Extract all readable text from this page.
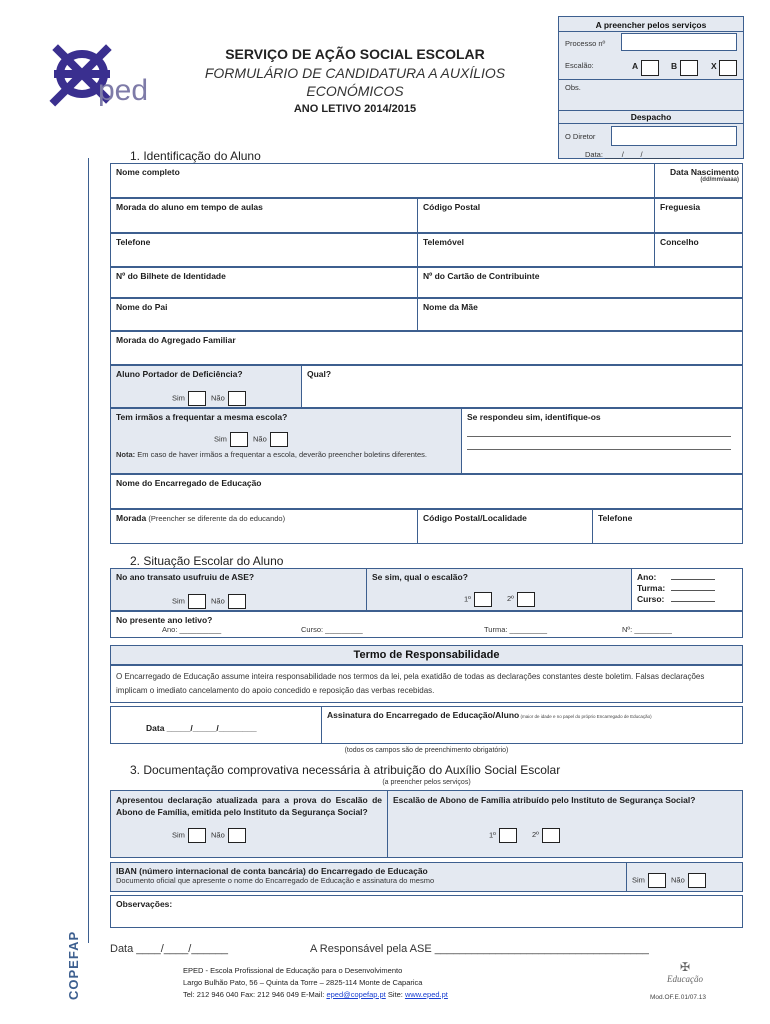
ped
SERVIÇO DE AÇÃO SOCIAL ESCOLAR
FORMULÁRIO DE CANDIDATURA A AUXÍLIOS
ECONÓMICOS
ANO LETIVO 2014/2015
A preencher pelos serviços
Processo nº
Escalão:	A	B	X
Obs.
Despacho
O Diretor
Data: ____/____/_________
1. Identificação do Aluno
Nome completo	Data Nascimento
(dd/mm/aaaa)
Morada do aluno em tempo de aulas	Código Postal	Freguesia
Telefone	Telemóvel	Concelho
Nº do Bilhete de Identidade	Nº do Cartão de Contribuinte
Nome do Pai	Nome da Mãe
Morada do Agregado Familiar
Aluno Portador de Deficiência?
Sim	Não
Qual?
Tem irmãos a frequentar a mesma escola?
Sim	Não
Nota: Em caso de haver irmãos a frequentar a escola, deverão preencher boletins diferentes.
Se respondeu sim, identifique-os
Nome do Encarregado de Educação
Morada (Preencher se diferente da do educando)	Código Postal/Localidade	Telefone
2. Situação Escolar do Aluno
No ano transato usufruiu de ASE?
Sim	Não
Se sim, qual o escalão?
1º	2º
Ano:
Turma:
Curso:
No presente ano letivo?
Ano: __________	Curso: _________	Turma: _________	Nº: _________
Termo de Responsabilidade
O Encarregado de Educação assume inteira responsabilidade nos termos da lei, pela exatidão de todas as declarações constantes deste boletim. Falsas declarações implicam o imediato cancelamento do apoio concedido e reposição das verbas recebidas.
Data _____/_____/________
Assinatura do Encarregado de Educação/Aluno (maior de idade e no papel do próprio Encarregado de Educação)
(todos os campos são de preenchimento obrigatório)
3. Documentação comprovativa necessária à atribuição do Auxílio Social Escolar
(a preencher pelos serviços)
Apresentou declaração atualizada para a prova do Escalão de Abono de Família, emitida pelo Instituto da Segurança Social?
Sim	Não
Escalão de Abono de Família atribuído pelo Instituto de Segurança Social?
1º	2º
IBAN (número internacional de conta bancária) do Encarregado de Educação
Documento oficial que apresente o nome do Encarregado de Educação e assinatura do mesmo	Sim	Não
Observações:
COPEFAP	Data ____/____/______	A Responsável pela ASE ___________________________________
EPED - Escola Profissional de Educação para o Desenvolvimento
Largo Bulhão Pato, 56 – Quinta da Torre – 2825-114 Monte de Caparica
Tel: 212 946 040 Fax: 212 946 049 E-Mail: eped@copefap.pt Site: www.eped.pt
✠
Educação
Mod.OF.E.01/07.13
